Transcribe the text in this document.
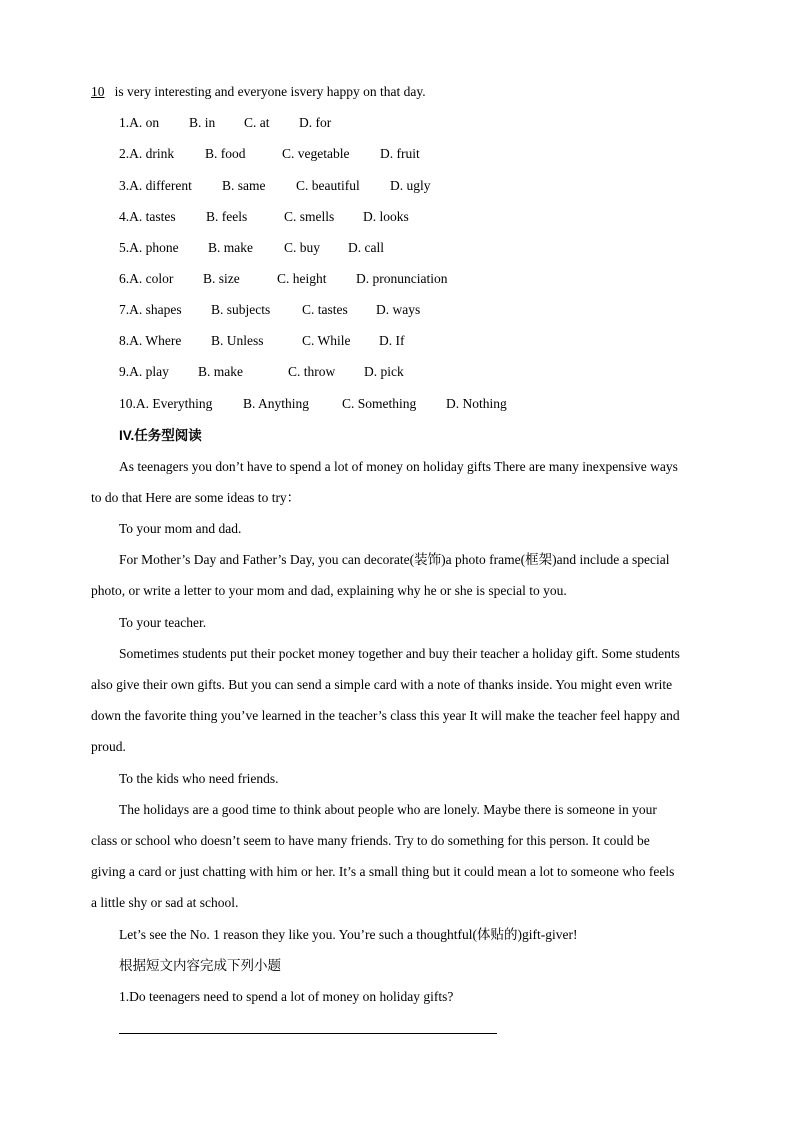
10 is very interesting and everyone isvery happy on that day.
1.A. on B. in C. at D. for
2.A. drink B. food	C. vegetable D. fruit
3.A. different B. same C. beautiful D. ugly
4.A. tastes B. feels	C. smells D. looks
5.A. phone B. make C. buy D. call
6.A. color B. size	C. height D. pronunciation
7.A. shapes B. subjects C. tastes D. ways
8.A. Where B. Unless	C. While D. If
9.A. play B. make	C. throw D. pick
10.A. Everything B. Anything C. Something D. Nothing
IV.任务型阅读
As teenagers you don’t have to spend a lot of money on holiday gifts There are many inexpensive ways
to do that Here are some ideas to try：
To your mom and dad.
For Mother’s Day and Father’s Day, you can decorate(装饰)a photo frame(框架)and include a special
photo, or write a letter to your mom and dad, explaining why he or she is special to you.
To your teacher.
Sometimes students put their pocket money together and buy their teacher a holiday gift. Some students
also give their own gifts. But you can send a simple card with a note of thanks inside. You might even write
down the favorite thing you’ve learned in the teacher’s class this year It will make the teacher feel happy and
proud.
To the kids who need friends.
The holidays are a good time to think about people who are lonely. Maybe there is someone in your
class or school who doesn’t seem to have many friends. Try to do something for this person. It could be
giving a card or just chatting with him or her. It’s a small thing but it could mean a lot to someone who feels
a little shy or sad at school.
Let’s see the No. 1 reason they like you. You’re such a thoughtful(体贴的)gift-giver!
根据短文内容完成下列小题
1.Do teenagers need to spend a lot of money on holiday gifts?
